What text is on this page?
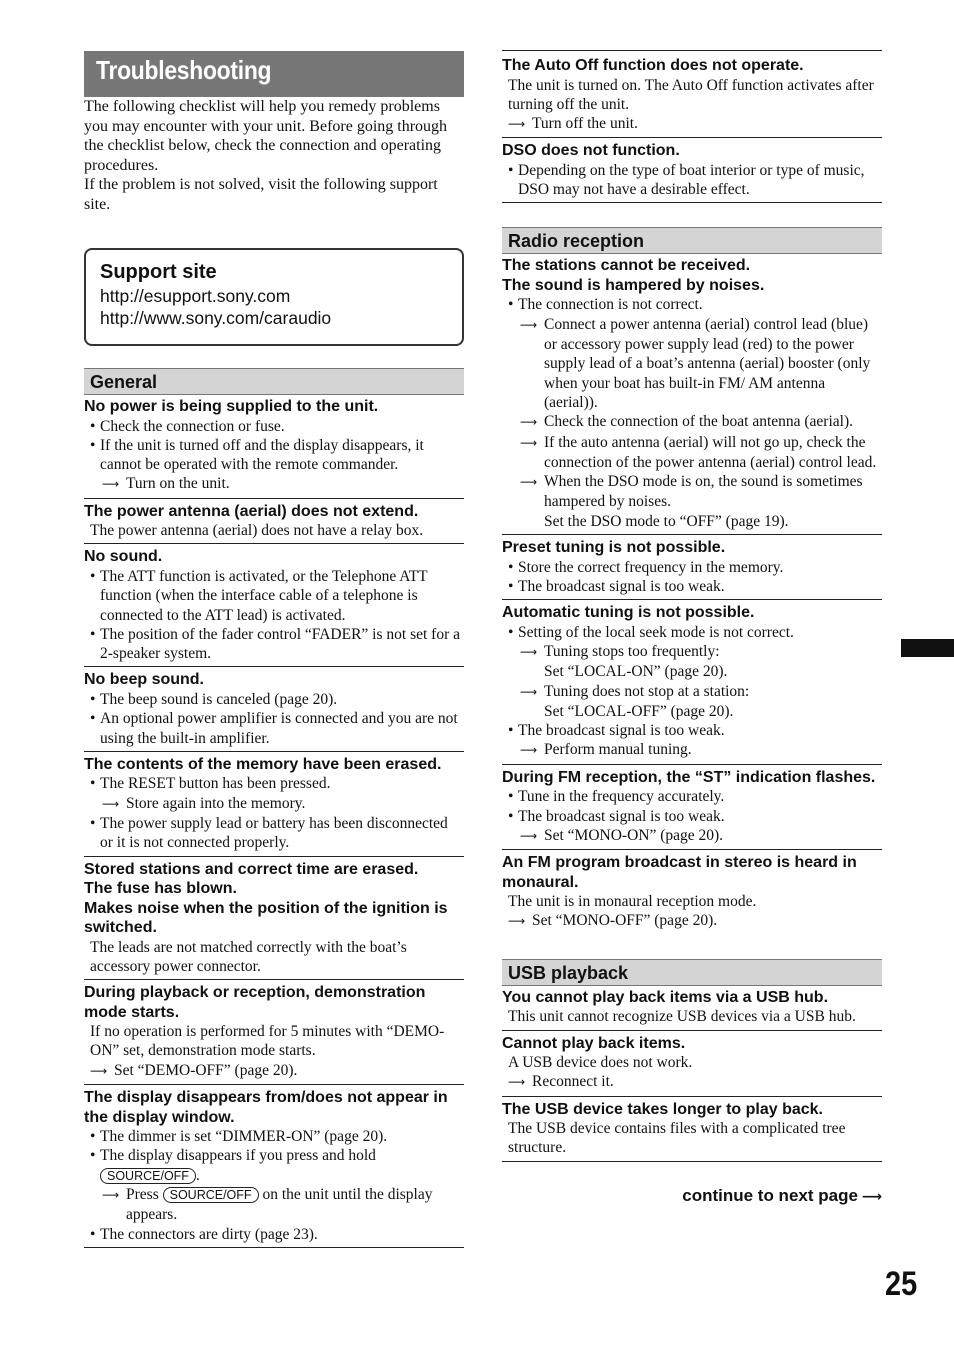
Troubleshooting

The following checklist will help you remedy problems you may encounter with your unit. Before going through the checklist below, check the connection and operating procedures.

If the problem is not solved, visit the following support site.

Support site
http://esupport.sony.com
http://www.sony.com/caraudio
General
No power is being supplied to the unit.
• Check the connection or fuse.
• If the unit is turned off and the display disappears, it cannot be operated with the remote commander.
⟶ Turn on the unit.
The power antenna (aerial) does not extend.
The power antenna (aerial) does not have a relay box.
No sound.
• The ATT function is activated, or the Telephone ATT function (when the interface cable of a telephone is connected to the ATT lead) is activated.
• The position of the fader control “FADER” is not set for a 2-speaker system.
No beep sound.
• The beep sound is canceled (page 20).
• An optional power amplifier is connected and you are not using the built-in amplifier.
The contents of the memory have been erased.
• The RESET button has been pressed.
⟶ Store again into the memory.
• The power supply lead or battery has been disconnected or it is not connected properly.
Stored stations and correct time are erased.
The fuse has blown.
Makes noise when the position of the ignition is switched.
The leads are not matched correctly with the boat’s accessory power connector.
During playback or reception, demonstration mode starts.
If no operation is performed for 5 minutes with “DEMO-ON” set, demonstration mode starts.
⟶ Set “DEMO-OFF” (page 20).
The display disappears from/does not appear in the display window.
• The dimmer is set “DIMMER-ON” (page 20).
• The display disappears if you press and hold
SOURCE/OFF .
⟶ Press SOURCE/OFF on the unit until the display appears.
• The connectors are dirty (page 23).
The Auto Off function does not operate.
The unit is turned on. The Auto Off function activates after turning off the unit.
⟶ Turn off the unit.
DSO does not function.
• Depending on the type of boat interior or type of music, DSO may not have a desirable effect.
Radio reception
The stations cannot be received.
The sound is hampered by noises.
• The connection is not correct.
⟶ Connect a power antenna (aerial) control lead (blue) or accessory power supply lead (red) to the power supply lead of a boat’s antenna (aerial) booster (only when your boat has built-in FM/ AM antenna (aerial)).
⟶ Check the connection of the boat antenna (aerial).
⟶ If the auto antenna (aerial) will not go up, check the connection of the power antenna (aerial) control lead.
⟶ When the DSO mode is on, the sound is sometimes hampered by noises.
Set the DSO mode to “OFF” (page 19).
Preset tuning is not possible.
• Store the correct frequency in the memory.
• The broadcast signal is too weak.
Automatic tuning is not possible.
• Setting of the local seek mode is not correct.
⟶ Tuning stops too frequently:
Set “LOCAL-ON” (page 20).
⟶ Tuning does not stop at a station:
Set “LOCAL-OFF” (page 20).
• The broadcast signal is too weak.
⟶ Perform manual tuning.
During FM reception, the “ST” indication flashes.
• Tune in the frequency accurately.
• The broadcast signal is too weak.
⟶ Set “MONO-ON” (page 20).
An FM program broadcast in stereo is heard in monaural.
The unit is in monaural reception mode.
⟶ Set “MONO-OFF” (page 20).
USB playback
You cannot play back items via a USB hub.
This unit cannot recognize USB devices via a USB hub.
Cannot play back items.
A USB device does not work.
⟶ Reconnect it.
The USB device takes longer to play back.
The USB device contains files with a complicated tree structure.
continue to next page ⟶
25
